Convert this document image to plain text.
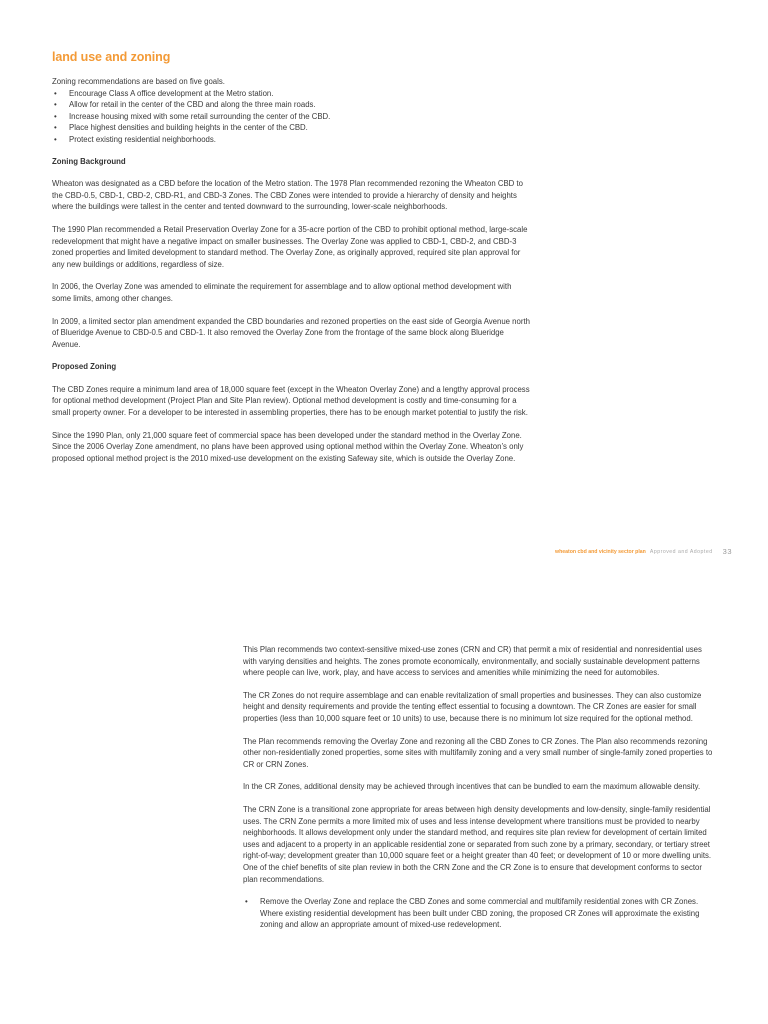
land use and zoning
Zoning recommendations are based on five goals.
• Encourage Class A office development at the Metro station.
• Allow for retail in the center of the CBD and along the three main roads.
• Increase housing mixed with some retail surrounding the center of the CBD.
• Place highest densities and building heights in the center of the CBD.
• Protect existing residential neighborhoods.
Zoning Background

Wheaton was designated as a CBD before the location of the Metro station. The 1978 Plan recommended rezoning the Wheaton CBD to the CBD-0.5, CBD-1, CBD-2, CBD-R1, and CBD-3 Zones. The CBD Zones were intended to provide a hierarchy of density and heights where the buildings were tallest in the center and tented downward to the surrounding, lower-scale neighborhoods.

The 1990 Plan recommended a Retail Preservation Overlay Zone for a 35-acre portion of the CBD to prohibit optional method, large-scale redevelopment that might have a negative impact on smaller businesses. The Overlay Zone was applied to CBD-1, CBD-2, and CBD-3 zoned properties and limited development to standard method. The Overlay Zone, as originally approved, required site plan approval for any new buildings or additions, regardless of size.

In 2006, the Overlay Zone was amended to eliminate the requirement for assemblage and to allow optional method development with some limits, among other changes.

In 2009, a limited sector plan amendment expanded the CBD boundaries and rezoned properties on the east side of Georgia Avenue north of Blueridge Avenue to CBD-0.5 and CBD-1. It also removed the Overlay Zone from the frontage of the same block along Blueridge Avenue.

Proposed Zoning

The CBD Zones require a minimum land area of 18,000 square feet (except in the Wheaton Overlay Zone) and a lengthy approval process for optional method development (Project Plan and Site Plan review). Optional method development is costly and time-consuming for a small property owner. For a developer to be interested in assembling properties, there has to be enough market potential to justify the risk.

Since the 1990 Plan, only 21,000 square feet of commercial space has been developed under the standard method in the Overlay Zone. Since the 2006 Overlay Zone amendment, no plans have been approved using optional method within the Overlay Zone. Wheaton’s only proposed optional method project is the 2010 mixed-use development on the existing Safeway site, which is outside the Overlay Zone.

wheaton cbd and vicinity sector plan Approved and Adopted 33

This Plan recommends two context-sensitive mixed-use zones (CRN and CR) that permit a mix of residential and nonresidential uses with varying densities and heights. The zones promote economically, environmentally, and socially sustainable development patterns where people can live, work, play, and have access to services and amenities while minimizing the need for automobiles.

The CR Zones do not require assemblage and can enable revitalization of small properties and businesses. They can also customize height and density requirements and provide the tenting effect essential to focusing a downtown. The CR Zones are easier for small properties (less than 10,000 square feet or 10 units) to use, because there is no minimum lot size required for the optional method.

The Plan recommends removing the Overlay Zone and rezoning all the CBD Zones to CR Zones. The Plan also recommends rezoning other non-residentially zoned properties, some sites with multifamily zoning and a very small number of single-family zoned properties to CR or CRN Zones.

In the CR Zones, additional density may be achieved through incentives that can be bundled to earn the maximum allowable density.

The CRN Zone is a transitional zone appropriate for areas between high density developments and low-density, single-family residential uses. The CRN Zone permits a more limited mix of uses and less intense development where transitions must be provided to nearby neighborhoods. It allows development only under the standard method, and requires site plan review for development of certain limited uses and adjacent to a property in an applicable residential zone or separated from such zone by a primary, secondary, or tertiary street right-of-way; development greater than 10,000 square feet or a height greater than 40 feet; or development of 10 or more dwelling units. One of the chief benefits of site plan review in both the CRN Zone and the CR Zone is to ensure that development conforms to sector plan recommendations.

• Remove the Overlay Zone and replace the CBD Zones and some commercial and multifamily residential zones with CR Zones. Where existing residential development has been built under CBD zoning, the proposed CR Zones will approximate the existing zoning and allow an appropriate amount of mixed-use redevelopment.
